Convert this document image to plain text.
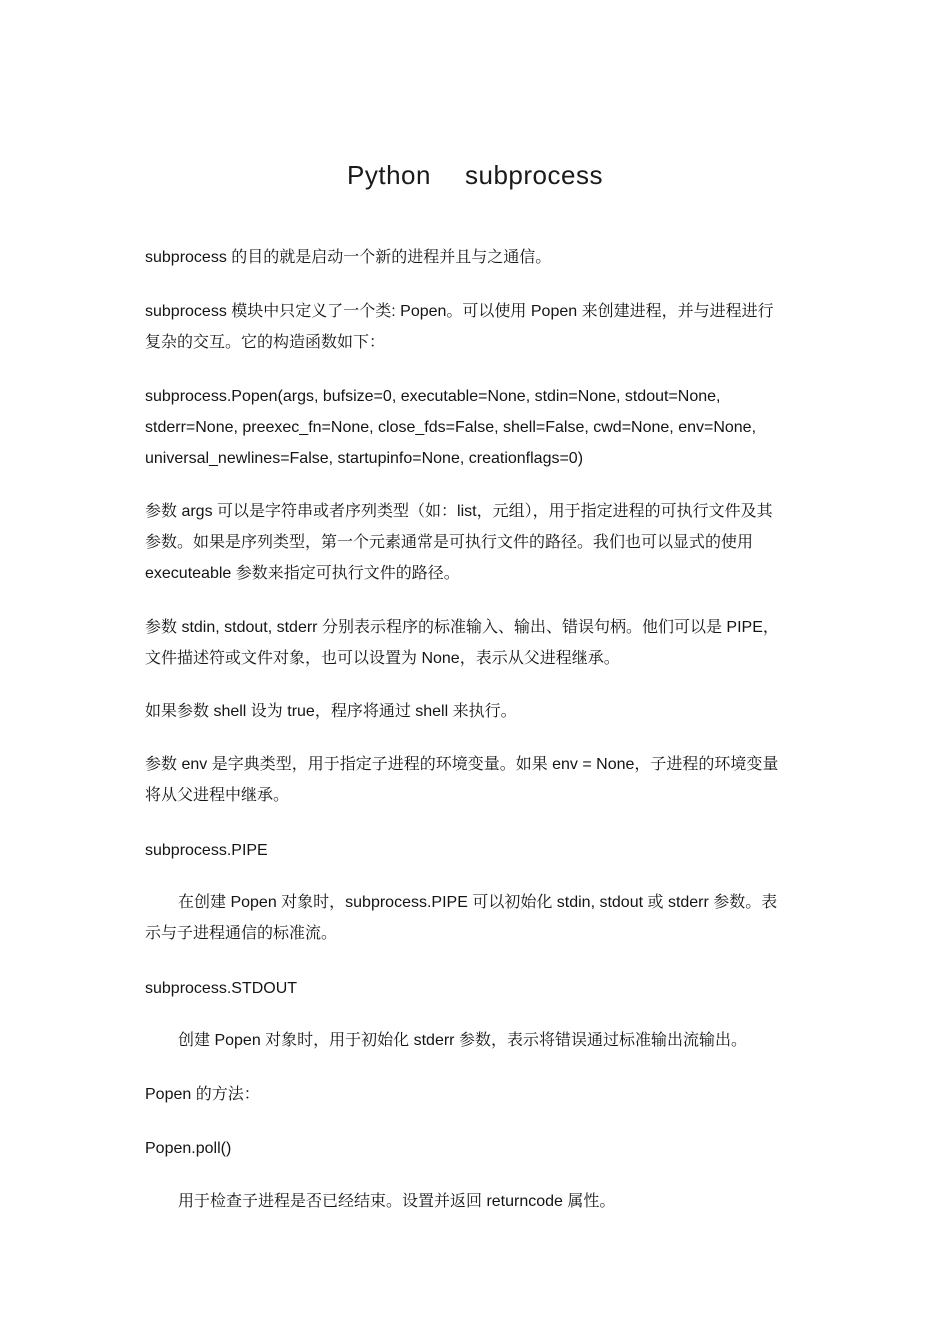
Python subprocess
subprocess 的目的就是启动一个新的进程并且与之通信。
subprocess 模块中只定义了一个类: Popen。可以使用 Popen 来创建进程，并与进程进行
复杂的交互。它的构造函数如下：
subprocess.Popen(args, bufsize=0, executable=None, stdin=None, stdout=None,
stderr=None, preexec_fn=None, close_fds=False, shell=False, cwd=None, env=None,
universal_newlines=False, startupinfo=None, creationflags=0)
参数 args 可以是字符串或者序列类型（如：list，元组），用于指定进程的可执行文件及其
参数。如果是序列类型，第一个元素通常是可执行文件的路径。我们也可以显式的使用
executeable 参数来指定可执行文件的路径。
参数 stdin, stdout, stderr 分别表示程序的标准输入、输出、错误句柄。他们可以是 PIPE，
文件描述符或文件对象，也可以设置为 None，表示从父进程继承。
如果参数 shell 设为 true，程序将通过 shell 来执行。
参数 env 是字典类型，用于指定子进程的环境变量。如果 env = None，子进程的环境变量
将从父进程中继承。
subprocess.PIPE
在创建 Popen 对象时，subprocess.PIPE 可以初始化 stdin, stdout 或 stderr 参数。表
示与子进程通信的标准流。
subprocess.STDOUT
创建 Popen 对象时，用于初始化 stderr 参数，表示将错误通过标准输出流输出。
Popen 的方法：
Popen.poll()
用于检查子进程是否已经结束。设置并返回 returncode 属性。
